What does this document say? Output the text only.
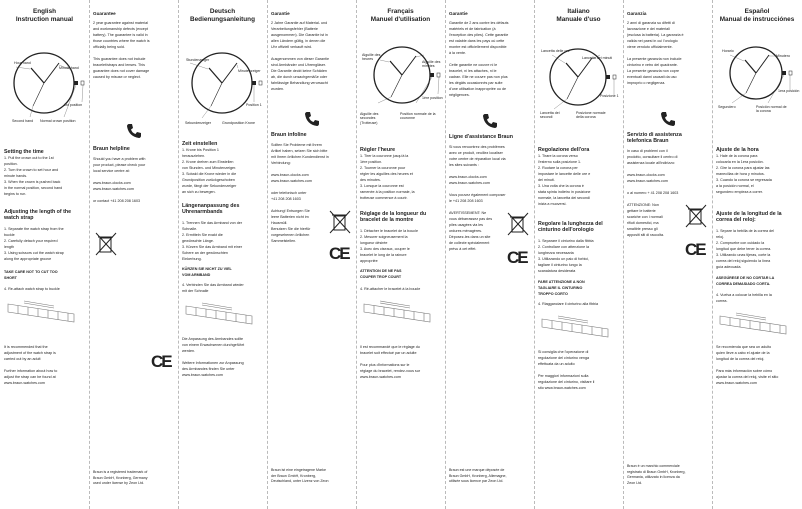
English
Instruction manual
Hour hand
Minute hand
1st position
Second hand Normal crown position
Setting the time

1. Pull the crown out to the 1st
position.
2. Turn the crown to set hour and
minute hands.
3. When the crown is pushed back
in the normal position, second hand
begins to run.

Adjusting the length of the
watch strap

1. Separate the watch strap from the
buckle
2. Carefully detach your required
length
3. Using scissors cut the watch strap
along the appropriate groove

TAKE CARE NOT TO CUT TOO
SHORT

4. Re-attach watch strap to buckle

It is recommended that the
adjustment of the watch strap is
carried out by an adult

Further information about how to
adjust the strap can be found at
www.braun-watches.com

Guarantee

2 year guarantee against material
and workmanship defects (except
battery). The guarantee is valid in
those countries where the watch is
officially being sold.

This guarantee does not include
bracelet/straps and lenses. This
guarantee does not cover damage
caused by misuse or neglect.

Braun helpline

Should you have a problem with
your product, please check your
local service centre at:

www.braun-clocks.com
www.braun-watches.com

or contact +41 208 208 1603

CE
Braun is a registered trademark of
Braun GmbH, Kronberg, Germany
used under license by Zeon Ltd.
Deutsch
Bedienungsanleitung
Stundenzeiger
Minutenzeiger
Position 1
Sekundenzeiger	Grundposition Krone
Zeit einstellen

1. Krone bis Position 1
herausziehen.
2. Krone drehen zum Einstellen
von Stunden- und Minutenzeiger.
3. Sobald die Krone wieder in die
Grundposition zurückgeschoben
wurde, fängt der Sekundenzeiger
an sich zu bewegen.

Längenanpassung des
Uhrenarmbands

1. Trennen Sie das Armband von der
Schnalle.
2. Ermitteln Sie exakt die
gewünschte Länge.
3. Kürzen Sie das Armband mit einer
Schere an der gewünschten
Einkerbung.

KÜRZEN SIE NICHT ZU VIEL
VOM ARMBAND

4. Verbinden Sie das Armband wieder
mit der Schnalle

Die Anpassung des Armbandes sollte
von einem Erwachsenen durchgeführt
werden.

Weitere Informationen zur Anpassung
des Armbandes finden Sie unter
www.braun-watches.com

Garantie

2 Jahre Garantie auf Material- und
Verarbeitungsfehler (Batterie
ausgenommen). Die Garantie ist in
allen Ländern gültig, in denen die
Uhr offiziell verkauft wird.

Ausgenommen von dieser Garantie
sind Armbänder und Uhrengläser.
Die Garantie deckt keine Schäden
ab, die durch unsachgemäße oder
fahrlässige Behandlung verursacht
wurden.

Braun infoline

Sollten Sie Probleme mit Ihrem
Artikel haben, setzen Sie sich bitte
mit Ihrem örtlichen Kundendienst in
Verbindung:

www.braun-clocks.com
www.braun-watches.com

oder telefonisch unter
+41 208 208 1603

Achtung! Entsorgen Sie
leere Batterien nicht im
Hausmüll.
Benutzen Sie die hierfür
vorgesehenen örtlichen
Sammelstellen.

CE
Braun ist eine eingetragene Marke
der Braun GmbH, Kronberg,
Deutschland, unter Lizenz von Zeon
Français
Manuel d'utilisation
Aiguille des
heures
Aiguille des
minutes
1ère position
Aiguille des
secondes
(Trotteuse)
Position normale de la
couronne
Régler l'heure

1. Tirer la couronne jusqu'à la
1ère position.
2. Tourner la couronne pour
régler les aiguilles des heures et
des minutes.
3. Lorsque la couronne est
ramenée à la position normale, la
trotteuse commence à courir.

Réglage de la longueur du
bracelet de la montre

1. Détacher le bracelet de la boucle
2. Mesurer soigneusement la
longueur désirée
3. Avec des ciseaux, couper le
bracelet le long de la rainure
appropriée

ATTENTION DE NE PAS
COUPER TROP COURT

4. Ré-attacher le bracelet à la boucle

Il est recommandé que le réglage du
bracelet soit effectué par un adulte

Pour plus d'informations sur le
réglage du bracelet, rendez-vous sur
www.braun-watches.com

Garantie

Garantie de 2 ans contre les défauts
matériels et de fabrication (à
l'exception des piles). Cette garantie
est valable dans les pays où cette
montre est officiellement disponible
à la vente.

Cette garantie ne couvre ni le
bracelet, ni les attaches, ni le
cadran. Elle ne couvre pas non plus
les dégâts occasionnés par suite
d'une utilisation inappropriée ou de
négligences.

Ligne d'assistance Braun

Si vous rencontrez des problèmes
avec ce produit, veuillez localiser
votre centre de réparation local via
les sites suivants :

www.braun-clocks.com
www.braun-watches.com

Vous pouvez également composer
le +41 208 208 1603

AVERTISSEMENT: Ne
vous débarrassez pas des
piles usagées via les
ordures ménagères.
Déposez-les dans un site
de collecte spécialement
prévu à cet effet.	CE
Braun est une marque déposée de
Braun GmbH, Kronberg, Allemagne,
utilisée sous licence par Zeon Ltd.
Italiano
Manuale d'uso
Lancetta delle ore
Lancetta dei minuti
Posizione 1
Lancetta dei
secondi
Posizione normale
della corona
Regolazione dell'ora

1. Tirare la corona verso
l'esterno sulla posizione 1.
2. Ruotare la corona per
impostare le lancette delle ore e
dei minuti.
3. Una volta che la corona è
stata spinta indietro in posizione
normale, la lancetta dei secondi
inizia a muoversi.

Regolare la lunghezza del
cinturino dell'orologio

1. Separare il cinturino dalla fibbia
2. Controllare con attenzione la
lunghezza necessaria
3. Utilizzando un paio di forbici,
tagliare il cinturino lungo la
scanalatura desiderata

FARE ATTENZIONE A NON
TAGLIARE IL CINTURINO
TROPPO CORTO

4. Riagganciare il cinturino alla fibbia

Si consiglia che l'operazione di
regolazione del cinturino venga
effettuata da un adulto

Per maggiori informazioni sulla
regolazione del cinturino, visitare il
sito www.braun-watches.com

Garanzia

2 anni di garanzia su difetti di
lavorazione e dei materiali
(esclusa la batteria). La garanzia è
valida nei paesi in cui l'orologio
viene venduto ufficialmente.

La presente garanzia non include
cinturino e vetro del quadrante.
La presente garanzia non copre
eventuali danni causati da uso
improprio o negligenza.

Servizio di assistenza
telefonica Braun

In caso di problemi con il
prodotto, consultare il centro di
assistenza locale all'indirizzo:

www.braun-clocks.com
www.braun-watches.com

o al numero + 41 208 208 1603

ATTENZIONE: Non
gettare le batterie
scariche con i normali
rifiuti domestici, ma
smaltirle presso gli
appositi siti di raccolta.

CE
Braun è un marchio commerciale
registrato di Braun GmbH, Kronberg,
Germania, utilizzato in licenza da
Zeon Ltd.
Español
Manual de instrucciónes
Horario
Minutero
1era posición
Segundero	Posición normal de
la corona
Ajuste de la hora

1. Hale de la corona para
colocarla en la 1era posición.
2. Gire la corona para ajustar las
manecillas de hora y minutos.
3. Cuando la corona se regresada
a la posición normal, el
segundero empieza a correr.

Ajuste de la longitud de la
correa del reloj:

1. Separe la hebilla de la correa del
reloj.
2. Compruebe con cuidado la
longitud que debe tener la correa.
3. Utilizando unas tijeras, corte la
correa del reloj siguiendo la línea
guía adecuada.

ASEGÚRESE DE NO CORTAR LA
CORREA DEMASIADO CORTA.

4. Vuelva a colocar la hebilla en la
correa.

Se recomienda que sea un adulto
quien lleve a cabo el ajuste de la
longitud de la correa del reloj.

Para más información sobre cómo
ajustar la correa del reloj, visite el sitio
www.braun-watches.com
